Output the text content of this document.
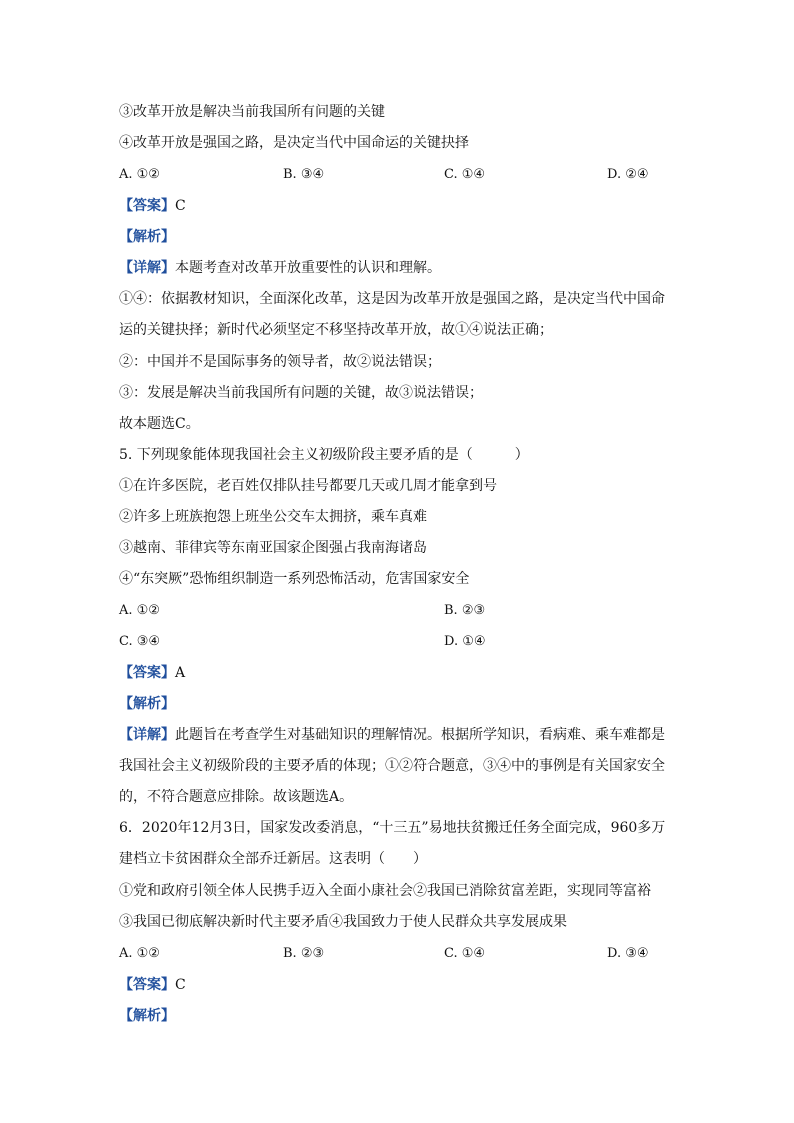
③改革开放是解决当前我国所有问题的关键
④改革开放是强国之路，是决定当代中国命运的关键抉择
A. ①②	B. ③④	C. ①④	D. ②④
【答案】C
【解析】
【详解】本题考查对改革开放重要性的认识和理解。
①④：依据教材知识，全面深化改革，这是因为改革开放是强国之路，是决定当代中国命
运的关键抉择；新时代必须坚定不移坚持改革开放，故①④说法正确；
②：中国并不是国际事务的领导者，故②说法错误；
③：发展是解决当前我国所有问题的关键，故③说法错误；
故本题选C。
5. 下列现象能体现我国社会主义初级阶段主要矛盾的是（　　　）
①在许多医院，老百姓仅排队挂号都要几天或几周才能拿到号
②许多上班族抱怨上班坐公交车太拥挤，乘车真难
③越南、菲律宾等东南亚国家企图强占我南海诸岛
④“东突厥”恐怖组织制造一系列恐怖活动，危害国家安全
A. ①②	B. ②③
C. ③④	D. ①④
【答案】A
【解析】
【详解】此题旨在考查学生对基础知识的理解情况。根据所学知识，看病难、乘车难都是
我国社会主义初级阶段的主要矛盾的体现；①②符合题意，③④中的事例是有关国家安全
的，不符合题意应排除。故该题选A。
6．2020年12月3日，国家发改委消息，“十三五”易地扶贫搬迁任务全面完成，960多万
建档立卡贫困群众全部乔迁新居。这表明（　　）
①党和政府引领全体人民携手迈入全面小康社会②我国已消除贫富差距，实现同等富裕
③我国已彻底解决新时代主要矛盾④我国致力于使人民群众共享发展成果
A. ①②	B. ②③	C. ①④	D. ③④
【答案】C
【解析】
